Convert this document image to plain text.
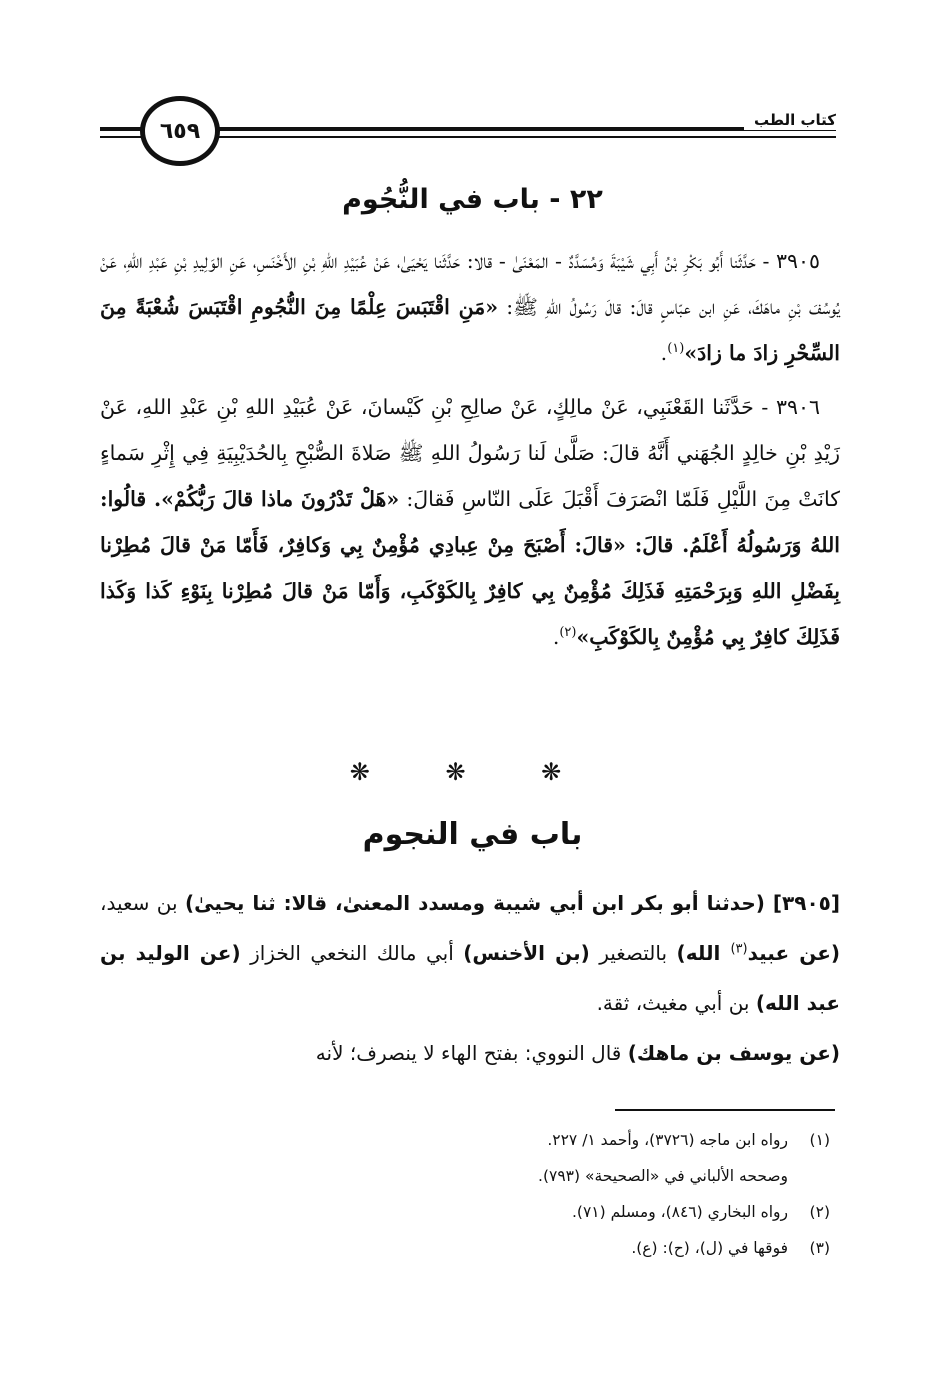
كتاب الطب
٦٥٩
٢٢ - باب في النُّجُوم

٣٩٠٥ - حَدَّثَنا أَبُو بَكْرِ بْنُ أَبِي شَيْبَةَ وَمُسَدَّدٌ - المَعْنَىٰ - قالا: حَدَّثَنا يَحْيَىٰ، عَنْ عُبَيْدِ اللهِ بْنِ الأَخْنَسِ، عَنِ الوَلِيدِ بْنِ عَبْدِ اللهِ، عَنْ يُوسُفَ بْنِ ماهَكَ، عَنِ ابن عبّاسٍ قالَ: قالَ رَسُولُ اللهِ ﷺ: «مَنِ اقْتَبَسَ عِلْمًا مِنَ النُّجُومِ اقْتَبَسَ شُعْبَةً مِنَ السِّحْرِ زادَ ما زادَ»$^{(١)}$.

٣٩٠٦ - حَدَّثَنا القَعْنَبِي، عَنْ مالِكٍ، عَنْ صالِحِ بْنِ كَيْسانَ، عَنْ عُبَيْدِ اللهِ بْنِ عَبْدِ اللهِ، عَنْ زَيْدِ بْنِ خالِدٍ الجُهَني أَنَّهُ قالَ: صَلَّىٰ لَنا رَسُولُ اللهِ ﷺ صَلاةَ الصُّبْحِ بِالحُدَيْبِيَةِ فِي إِثْرِ سَماءٍ كانَتْ مِنَ اللَّيْلِ فَلَمّا انْصَرَفَ أَقْبَلَ عَلَى النّاسِ فَقالَ: «هَلْ تَدْرُونَ ماذا قالَ رَبُّكُمْ». قالُوا: اللهُ وَرَسُولُهُ أَعْلَمُ. قالَ: «قالَ: أَصْبَحَ مِنْ عِبادِي مُؤْمِنٌ بِي وَكافِرٌ، فَأَمّا مَنْ قالَ مُطِرْنا بِفَضْلِ اللهِ وَبِرَحْمَتِهِ فَذَلِكَ مُؤْمِنٌ بِي كافِرٌ بِالكَوْكَبِ، وَأَمّا مَنْ قالَ مُطِرْنا بِنَوْءِ كَذا وَكَذا فَذَلِكَ كافِرٌ بِي مُؤْمِنٌ بِالكَوْكَبِ»$^{(٢)}$.

❋ ❋ ❋
باب في النجوم

[٣٩٠٥] (حدثنا أبو بكر ابن أبي شيبة ومسدد المعنىٰ، قالا: ثنا يحيىٰ) بن سعيد، (عن عبيد$^{(٣)}$ الله) بالتصغير (بن الأخنس) أبي مالك النخعي الخزاز (عن الوليد بن عبد الله) بن أبي مغيث، ثقة.

(عن يوسف بن ماهك) قال النووي: بفتح الهاء لا ينصرف؛ لأنه

(١)
رواه ابن ماجه (٣٧٢٦)، وأحمد ١/ ٢٢٧.
وصححه الألباني في «الصحيحة» (٧٩٣).
(٢)
رواه البخاري (٨٤٦)، ومسلم (٧١).
(٣)
فوقها في (ل)، (ح): (ع).
